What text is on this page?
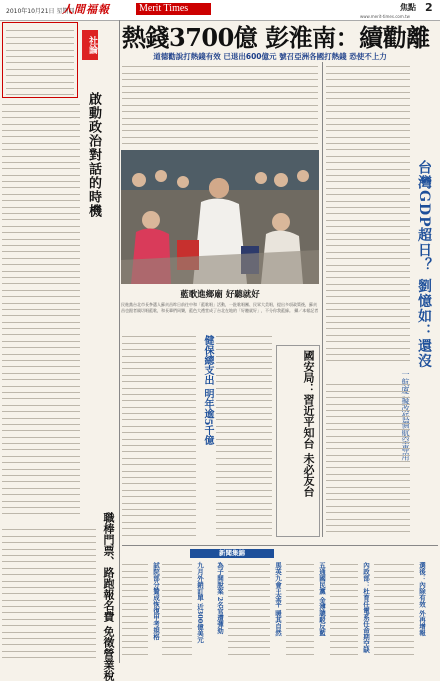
2010年10月21日 星期四
人間福報	Merit Times	焦點 2
www.merit-times.com.tw
熱錢3700億 彭淮南：續勸離
道德勸說打熱錢有效 已退出600億元 號召亞洲各國打熱錢 恐使不上力
社論
啟動政治對話的時機
職棒門票、路跑報名費 免徵營業稅
藍歌進鄉廟 好聽就好
民進黨台北市長參選人蘇貞昌昨日前往中和「藍歌唱」活動，一批歌唱團、民眾大美唱，提出多項政策後，蘇貞昌也跟者親切唱藍歌，和長輩們同樂，藍色大禮堂成了台北在地的「好聽就好」，不分你我藍綠。 攝／本報記者	台灣GDP超日？ 劉憶如：還沒
一航廈 擬改低價航空專用
國安局：習近平知台 未必友台
健保總支出 明年逾5千億
新聞集錦
九月外銷訂單 近300億美元 為子開脫案 2名官遭彈劾
試院部分贊成恢復甲考規格	馬英九會王金平 暖其自然	五通國民黨 金溥聰駁反藍	內政部：杜育任電系任命期空缺	選後：內除有效 外再增報
